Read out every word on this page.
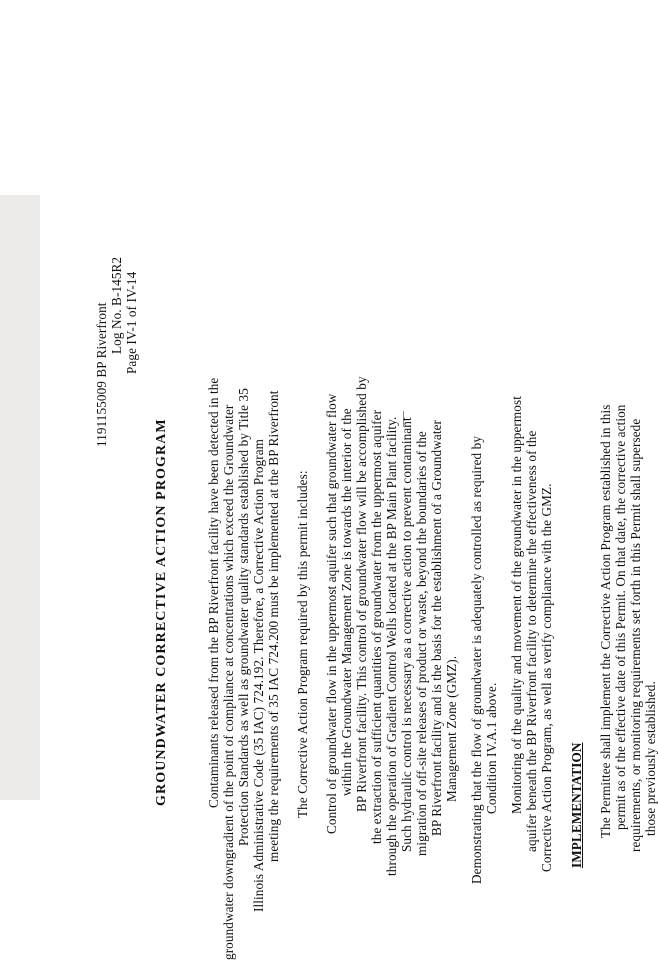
1191155009 BP Riverfront Log No. B-145R2 Page IV-1 of IV-14
GROUNDWATER CORRECTIVE ACTION PROGRAM	Contaminants released from the BP Riverfront facility have been detected in the groundwater downgradient of the point of compliance at concentrations which exceed the Groundwater Protection Standards as well as groundwater quality standards established by Title 35 Illinois Administrative Code (35 IAC) 724.192. Therefore, a Corrective Action Program meeting the requirements of 35 IAC 724.200 must be implemented at the BP Riverfront The Corrective Action Program required by this permit includes: Control of groundwater flow in the uppermost aquifer such that groundwater flow within the Groundwater Management Zone is towards the interior of the BP Riverfront facility. This control of groundwater flow will be accomplished by the extraction of sufficient quantities of groundwater from the uppermost aquifer through the operation of Gradient Control Wells located at the BP Main Plant facility. Such hydraulic control is necessary as a corrective action to prevent contaminant migration of off-site releases of product or waste, beyond the boundaries of the BP Riverfront facility and is the basis for the establishment of a Groundwater Management Zone (GMZ). Demonstrating that the flow of groundwater is adequately controlled as required by Condition IV.A.1 above. Monitoring of the quality and movement of the groundwater in the uppermost aquifer beneath the BP Riverfront facility to determine the effectiveness of the Corrective Action Program, as well as verify compliance with the GMZ. IMPLEMENTATION The Permittee shall implement the Corrective Action Program established in this permit as of the effective date of this Permit. On that date, the corrective action requirements, or monitoring requirements set forth in this Permit shall supersede those previously established.
